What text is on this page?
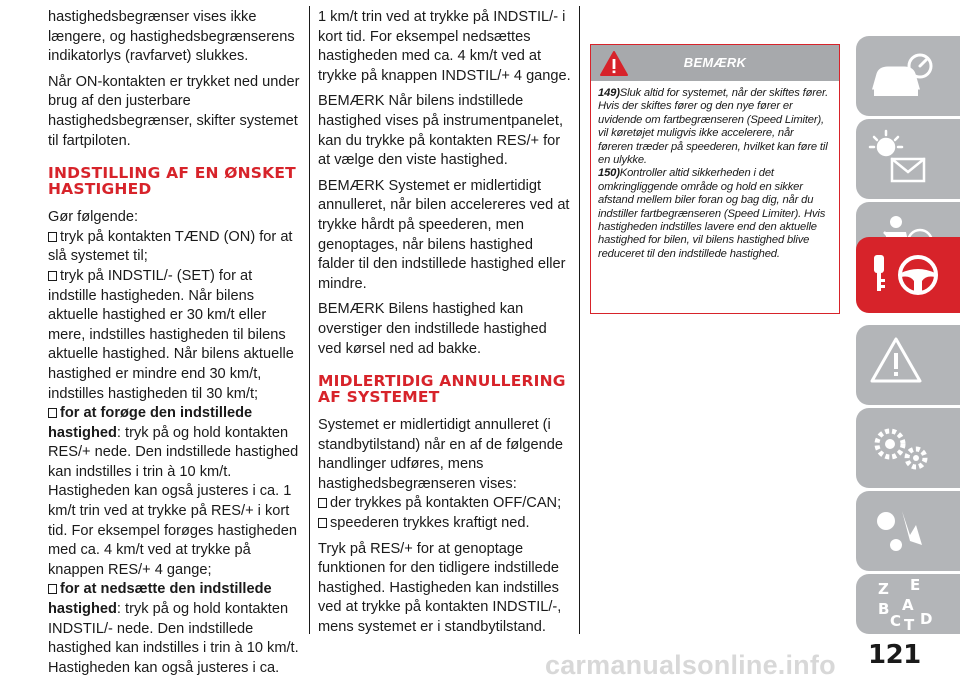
hastighedsbegrænser vises ikke længere, og hastighedsbegrænserens indikatorlys (ravfarvet) slukkes.

Når ON-kontakten er trykket ned under brug af den justerbare hastighedsbegrænser, skifter systemet til fartpiloten.

INDSTILLING AF EN ØNSKET HASTIGHED

Gør følgende:

tryk på kontakten TÆND (ON) for at slå systemet til;

tryk på INDSTIL/- (SET) for at indstille hastigheden. Når bilens aktuelle hastighed er 30 km/t eller mere, indstilles hastigheden til bilens aktuelle hastighed. Når bilens aktuelle hastighed er mindre end 30 km/t, indstilles hastigheden til 30 km/t;

for at forøge den indstillede hastighed: tryk på og hold kontakten RES/+ nede. Den indstillede hastighed kan indstilles i trin à 10 km/t. Hastigheden kan også justeres i ca. 1 km/t trin ved at trykke på RES/+ i kort tid. For eksempel forøges hastigheden med ca. 4 km/t ved at trykke på knappen RES/+ 4 gange;

for at nedsætte den indstillede hastighed: tryk på og hold kontakten INDSTIL/- nede. Den indstillede hastighed kan indstilles i trin à 10 km/t. Hastigheden kan også justeres i ca.

1 km/t trin ved at trykke på INDSTIL/- i kort tid. For eksempel nedsættes hastigheden med ca. 4 km/t ved at trykke på knappen INDSTIL/+ 4 gange.

BEMÆRK Når bilens indstillede hastighed vises på instrumentpanelet, kan du trykke på kontakten RES/+ for at vælge den viste hastighed.

BEMÆRK Systemet er midlertidigt annulleret, når bilen accelereres ved at trykke hårdt på speederen, men genoptages, når bilens hastighed falder til den indstillede hastighed eller mindre.

BEMÆRK Bilens hastighed kan overstiger den indstillede hastighed ved kørsel ned ad bakke.

MIDLERTIDIG ANNULLERING AF SYSTEMET

Systemet er midlertidigt annulleret (i standbytilstand) når en af de følgende handlinger udføres, mens hastighedsbegrænseren vises:

der trykkes på kontakten OFF/CAN;

speederen trykkes kraftigt ned.

Tryk på RES/+ for at genoptage funktionen for den tidligere indstillede hastighed. Hastigheden kan indstilles ved at trykke på kontakten INDSTIL/-, mens systemet er i standbytilstand.

BEMÆRK

149)Sluk altid for systemet, når der skiftes fører. Hvis der skiftes fører og den nye fører er uvidende om fartbegrænseren (Speed Limiter), vil køretøjet muligvis ikke accelerere, når føreren træder på speederen, hvilket kan føre til en ulykke.

150)Kontroller altid sikkerheden i det omkringliggende område og hold en sikker afstand mellem biler foran og bag dig, når du indstiller fartbegrænseren (Speed Limiter). Hvis hastigheden indstilles lavere end den aktuelle hastighed for bilen, vil bilens hastighed blive reduceret til den indstillede hastighed.

Z E
B A
C T D
121
carmanualsonline.info
